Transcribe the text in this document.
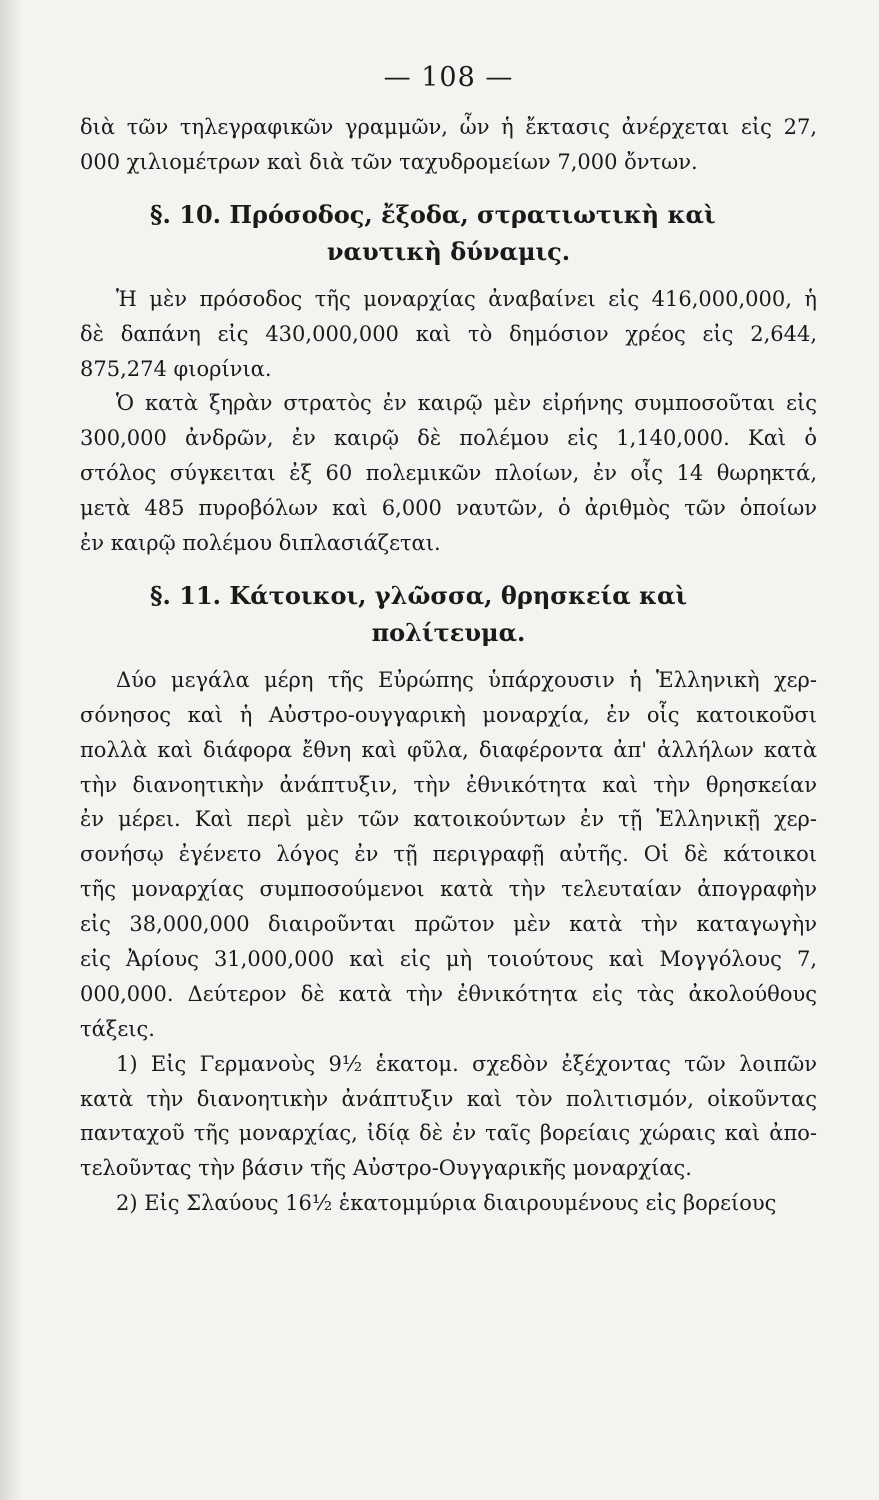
— 108 —
διὰ τῶν τηλεγραφικῶν γραμμῶν, ὧν ἡ ἔκτασις ἀνέρχεται εἰς 27,
000 χιλιομέτρων καὶ διὰ τῶν ταχυδρομείων 7,000 ὄντων.
§. 10. Πρόσοδος, ἔξοδα, στρατιωτικὴ καὶ
ναυτικὴ δύναμις.
Ἡ μὲν πρόσοδος τῆς μοναρχίας ἀναβαίνει εἰς 416,000,000, ἡ
δὲ δαπάνη εἰς 430,000,000 καὶ τὸ δημόσιον χρέος εἰς 2,644,
875,274 φιορίνια.
Ὁ κατὰ ξηρὰν στρατὸς ἐν καιρῷ μὲν εἰρήνης συμποσοῦται εἰς
300,000 ἀνδρῶν, ἐν καιρῷ δὲ πολέμου εἰς 1,140,000. Καὶ ὁ
στόλος σύγκειται ἐξ 60 πολεμικῶν πλοίων, ἐν οἷς 14 θωρηκτά,
μετὰ 485 πυροβόλων καὶ 6,000 ναυτῶν, ὁ ἀριθμὸς τῶν ὁποίων
ἐν καιρῷ πολέμου διπλασιάζεται.
§. 11. Κάτοικοι, γλῶσσα, θρησκεία καὶ
πολίτευμα.
Δύο μεγάλα μέρη τῆς Εὐρώπης ὑπάρχουσιν ἡ Ἑλληνικὴ χερ-
σόνησος καὶ ἡ Αὐστρο-ουγγαρικὴ μοναρχία, ἐν οἷς κατοικοῦσι
πολλὰ καὶ διάφορα ἔθνη καὶ φῦλα, διαφέροντα ἀπ' ἀλλήλων κατὰ
τὴν διανοητικὴν ἀνάπτυξιν, τὴν ἐθνικότητα καὶ τὴν θρησκείαν
ἐν μέρει. Καὶ περὶ μὲν τῶν κατοικούντων ἐν τῇ Ἑλληνικῇ χερ-
σονήσῳ ἐγένετο λόγος ἐν τῇ περιγραφῇ αὐτῆς. Οἱ δὲ κάτοικοι
τῆς μοναρχίας συμποσούμενοι κατὰ τὴν τελευταίαν ἀπογραφὴν
εἰς 38,000,000 διαιροῦνται πρῶτον μὲν κατὰ τὴν καταγωγὴν
εἰς Ἀρίους 31,000,000 καὶ εἰς μὴ τοιούτους καὶ Μογγόλους 7,
000,000. Δεύτερον δὲ κατὰ τὴν ἐθνικότητα εἰς τὰς ἀκολούθους
τάξεις.
1) Εἰς Γερμανοὺς 9½ ἑκατομ. σχεδὸν ἐξέχοντας τῶν λοιπῶν
κατὰ τὴν διανοητικὴν ἀνάπτυξιν καὶ τὸν πολιτισμόν, οἰκοῦντας
πανταχοῦ τῆς μοναρχίας, ἰδίᾳ δὲ ἐν ταῖς βορείαις χώραις καὶ ἀπο-
τελοῦντας τὴν βάσιν τῆς Αὐστρο-Ουγγαρικῆς μοναρχίας.
2) Εἰς Σλαύους 16½ ἑκατομμύρια διαιρουμένους εἰς βορείους
